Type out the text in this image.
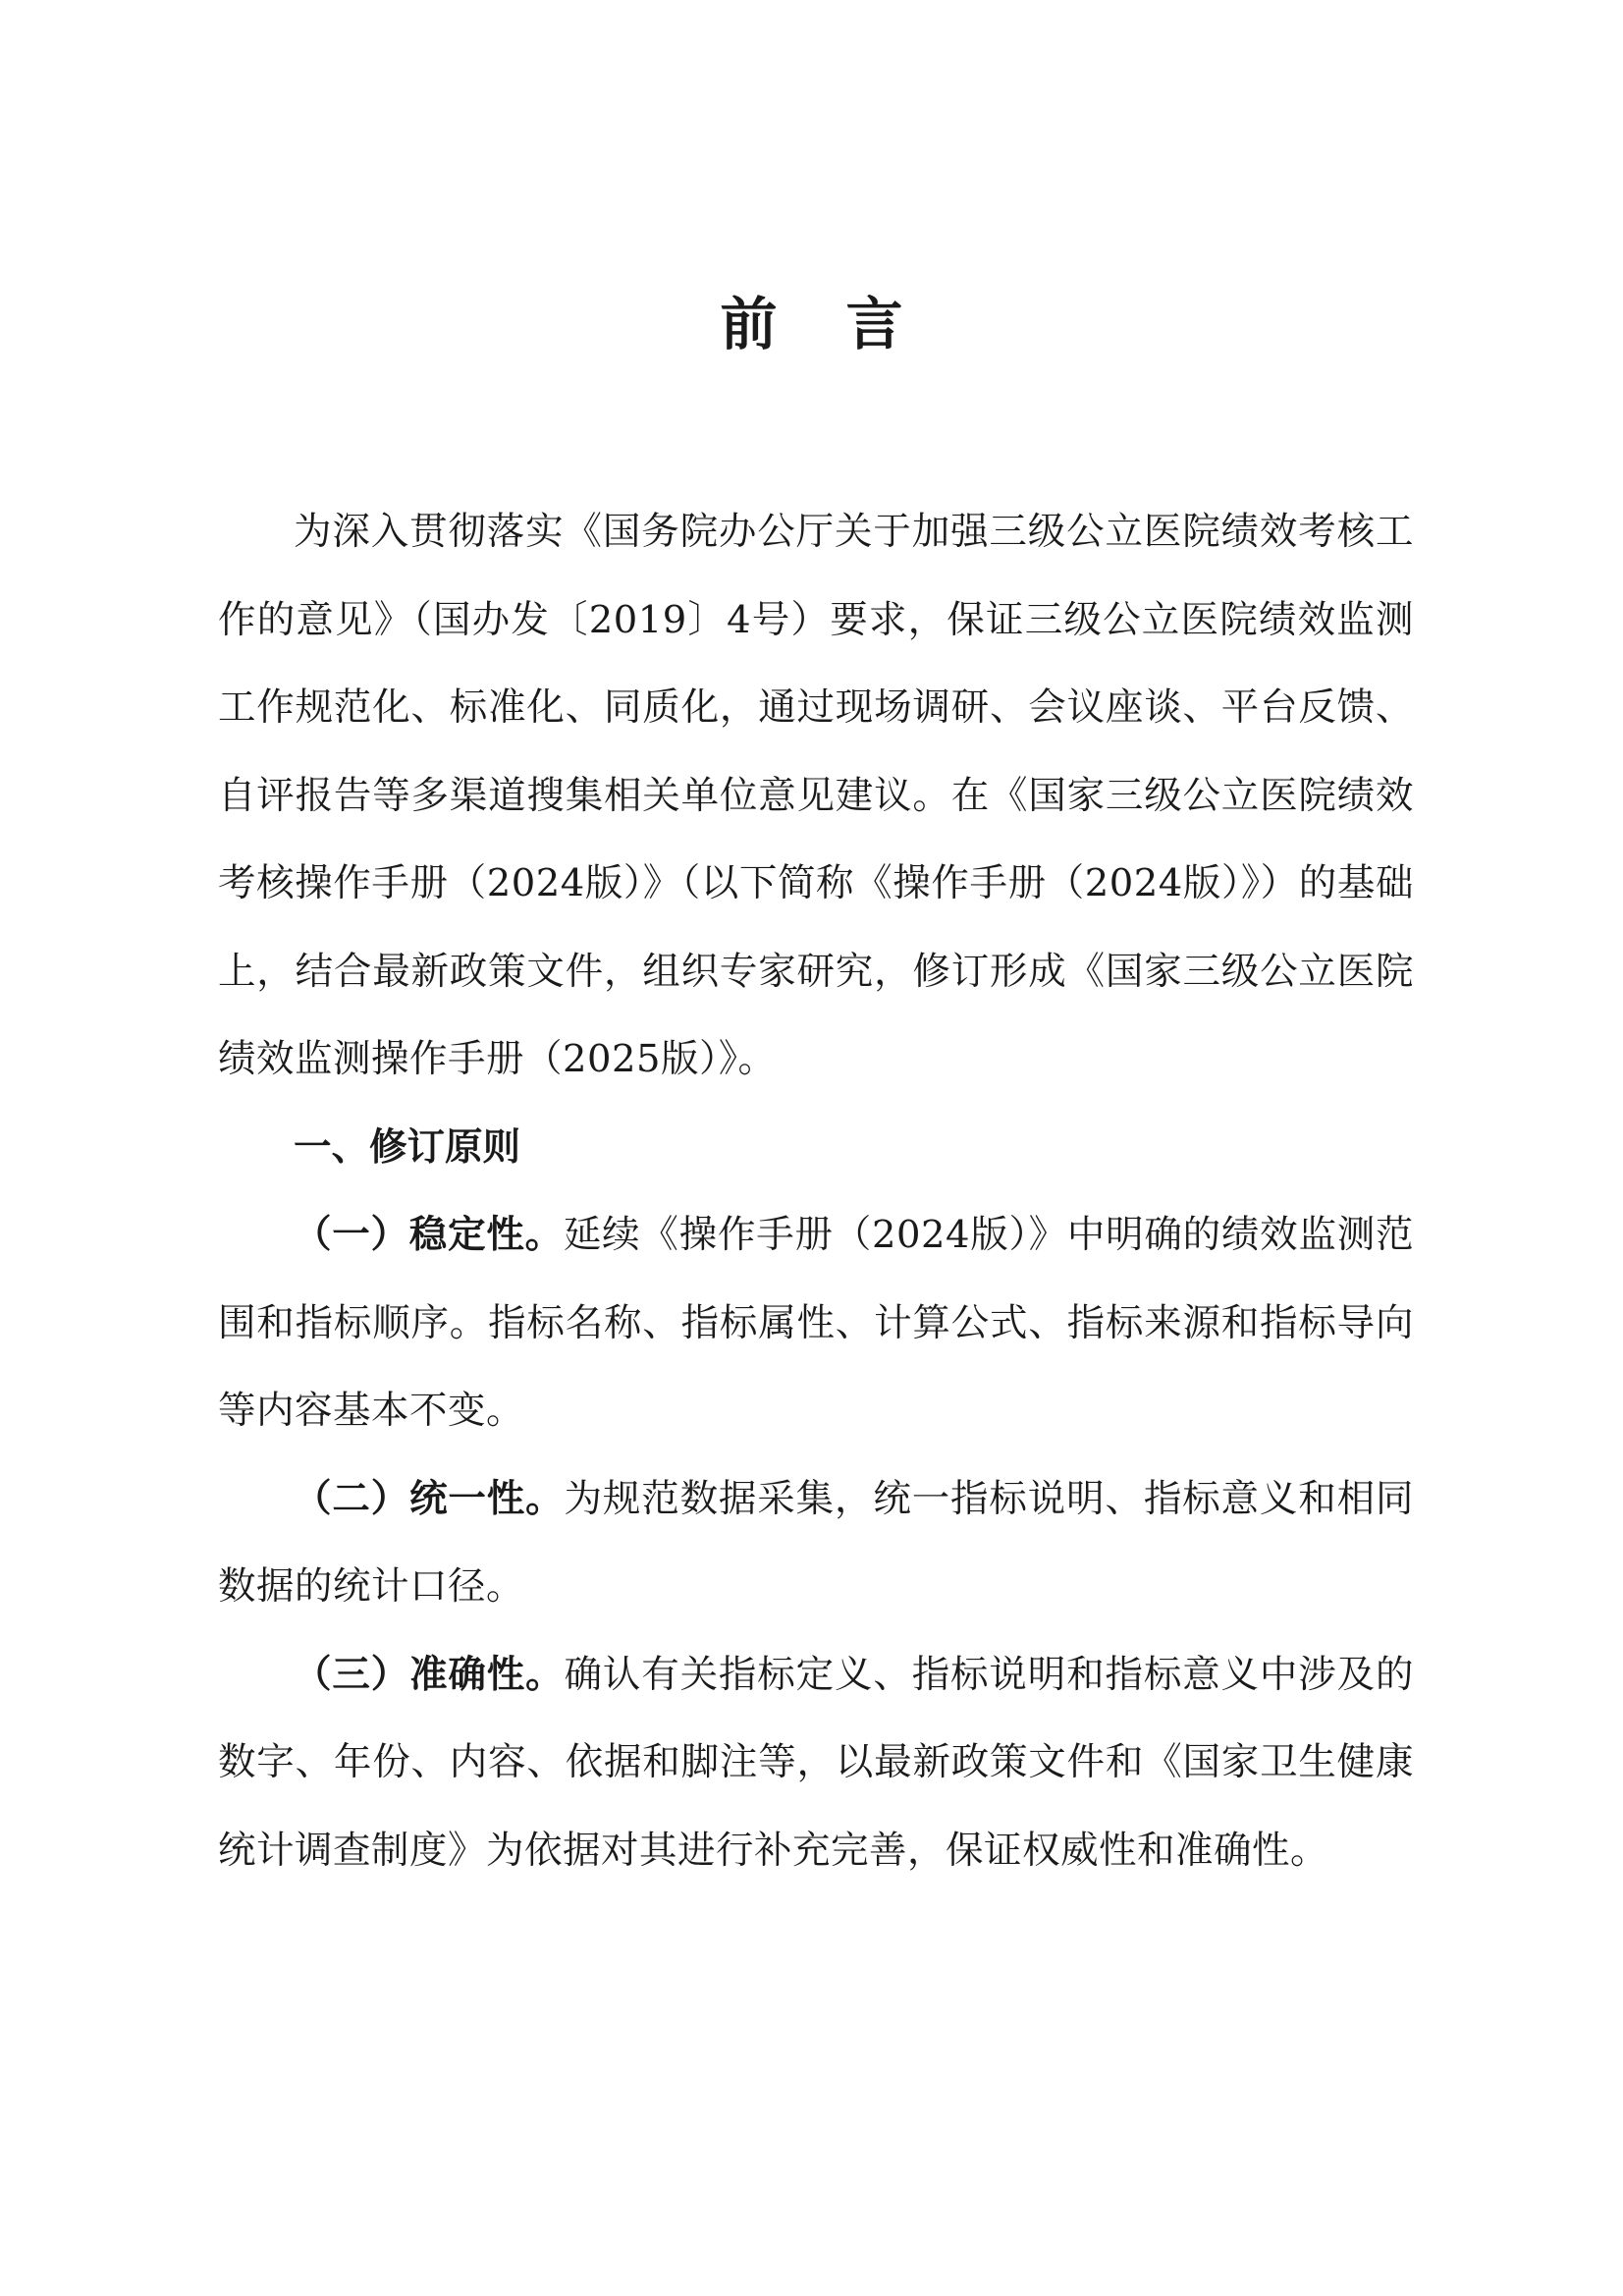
前 言

为深入贯彻落实《国务院办公厅关于加强三级公立医院绩效考核工作的意见》（国办发〔2019〕4号）要求，保证三级公立医院绩效监测工作规范化、标准化、同质化，通过现场调研、会议座谈、平台反馈、自评报告等多渠道搜集相关单位意见建议。在《国家三级公立医院绩效考核操作手册（2024版）》（以下简称《操作手册（2024版）》）的基础上，结合最新政策文件，组织专家研究，修订形成《国家三级公立医院绩效监测操作手册（2025版）》。

一、修订原则

（一）稳定性。延续《操作手册（2024版）》中明确的绩效监测范围和指标顺序。指标名称、指标属性、计算公式、指标来源和指标导向等内容基本不变。

（二）统一性。为规范数据采集，统一指标说明、指标意义和相同数据的统计口径。

（三）准确性。确认有关指标定义、指标说明和指标意义中涉及的数字、年份、内容、依据和脚注等，以最新政策文件和《国家卫生健康统计调查制度》为依据对其进行补充完善，保证权威性和准确性。
